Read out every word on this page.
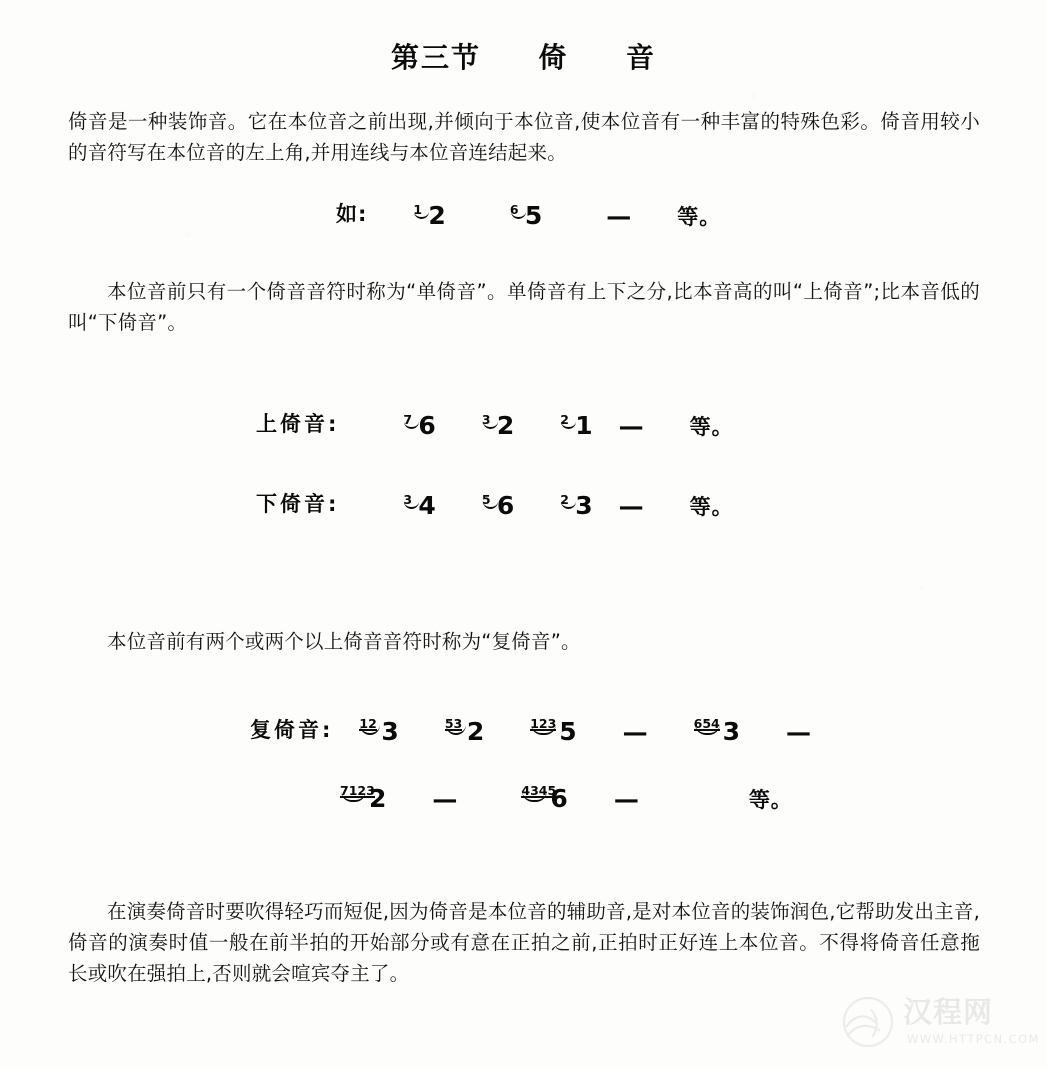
第三节 倚 音
倚音是一种装饰音。它在本位音之前出现,并倾向于本位音,使本位音有一种丰富的特殊色彩。倚音用较小的音符写在本位音的左上角,并用连线与本位音连结起来。
如:	1 2	6 5	— 等。
本位音前只有一个倚音音符时称为“单倚音”。单倚音有上下之分,比本音高的叫“上倚音”;比本音低的叫“下倚音”。
上倚音:	7 6	3 2	2 1 — 等。
下倚音:	3 4	5 6	2 3 — 等。
本位音前有两个或两个以上倚音音符时称为“复倚音”。
复倚音: 12 3	53 2	123 5 —	654 3 —
7123
2 —	4345
6 —	等。
在演奏倚音时要吹得轻巧而短促,因为倚音是本位音的辅助音,是对本位音的装饰润色,它帮助发出主音,倚音的演奏时值一般在前半拍的开始部分或有意在正拍之前,正拍时正好连上本位音。不得将倚音任意拖长或吹在强拍上,否则就会喧宾夺主了。
汉程网
WWW.HTTPCN.COM
